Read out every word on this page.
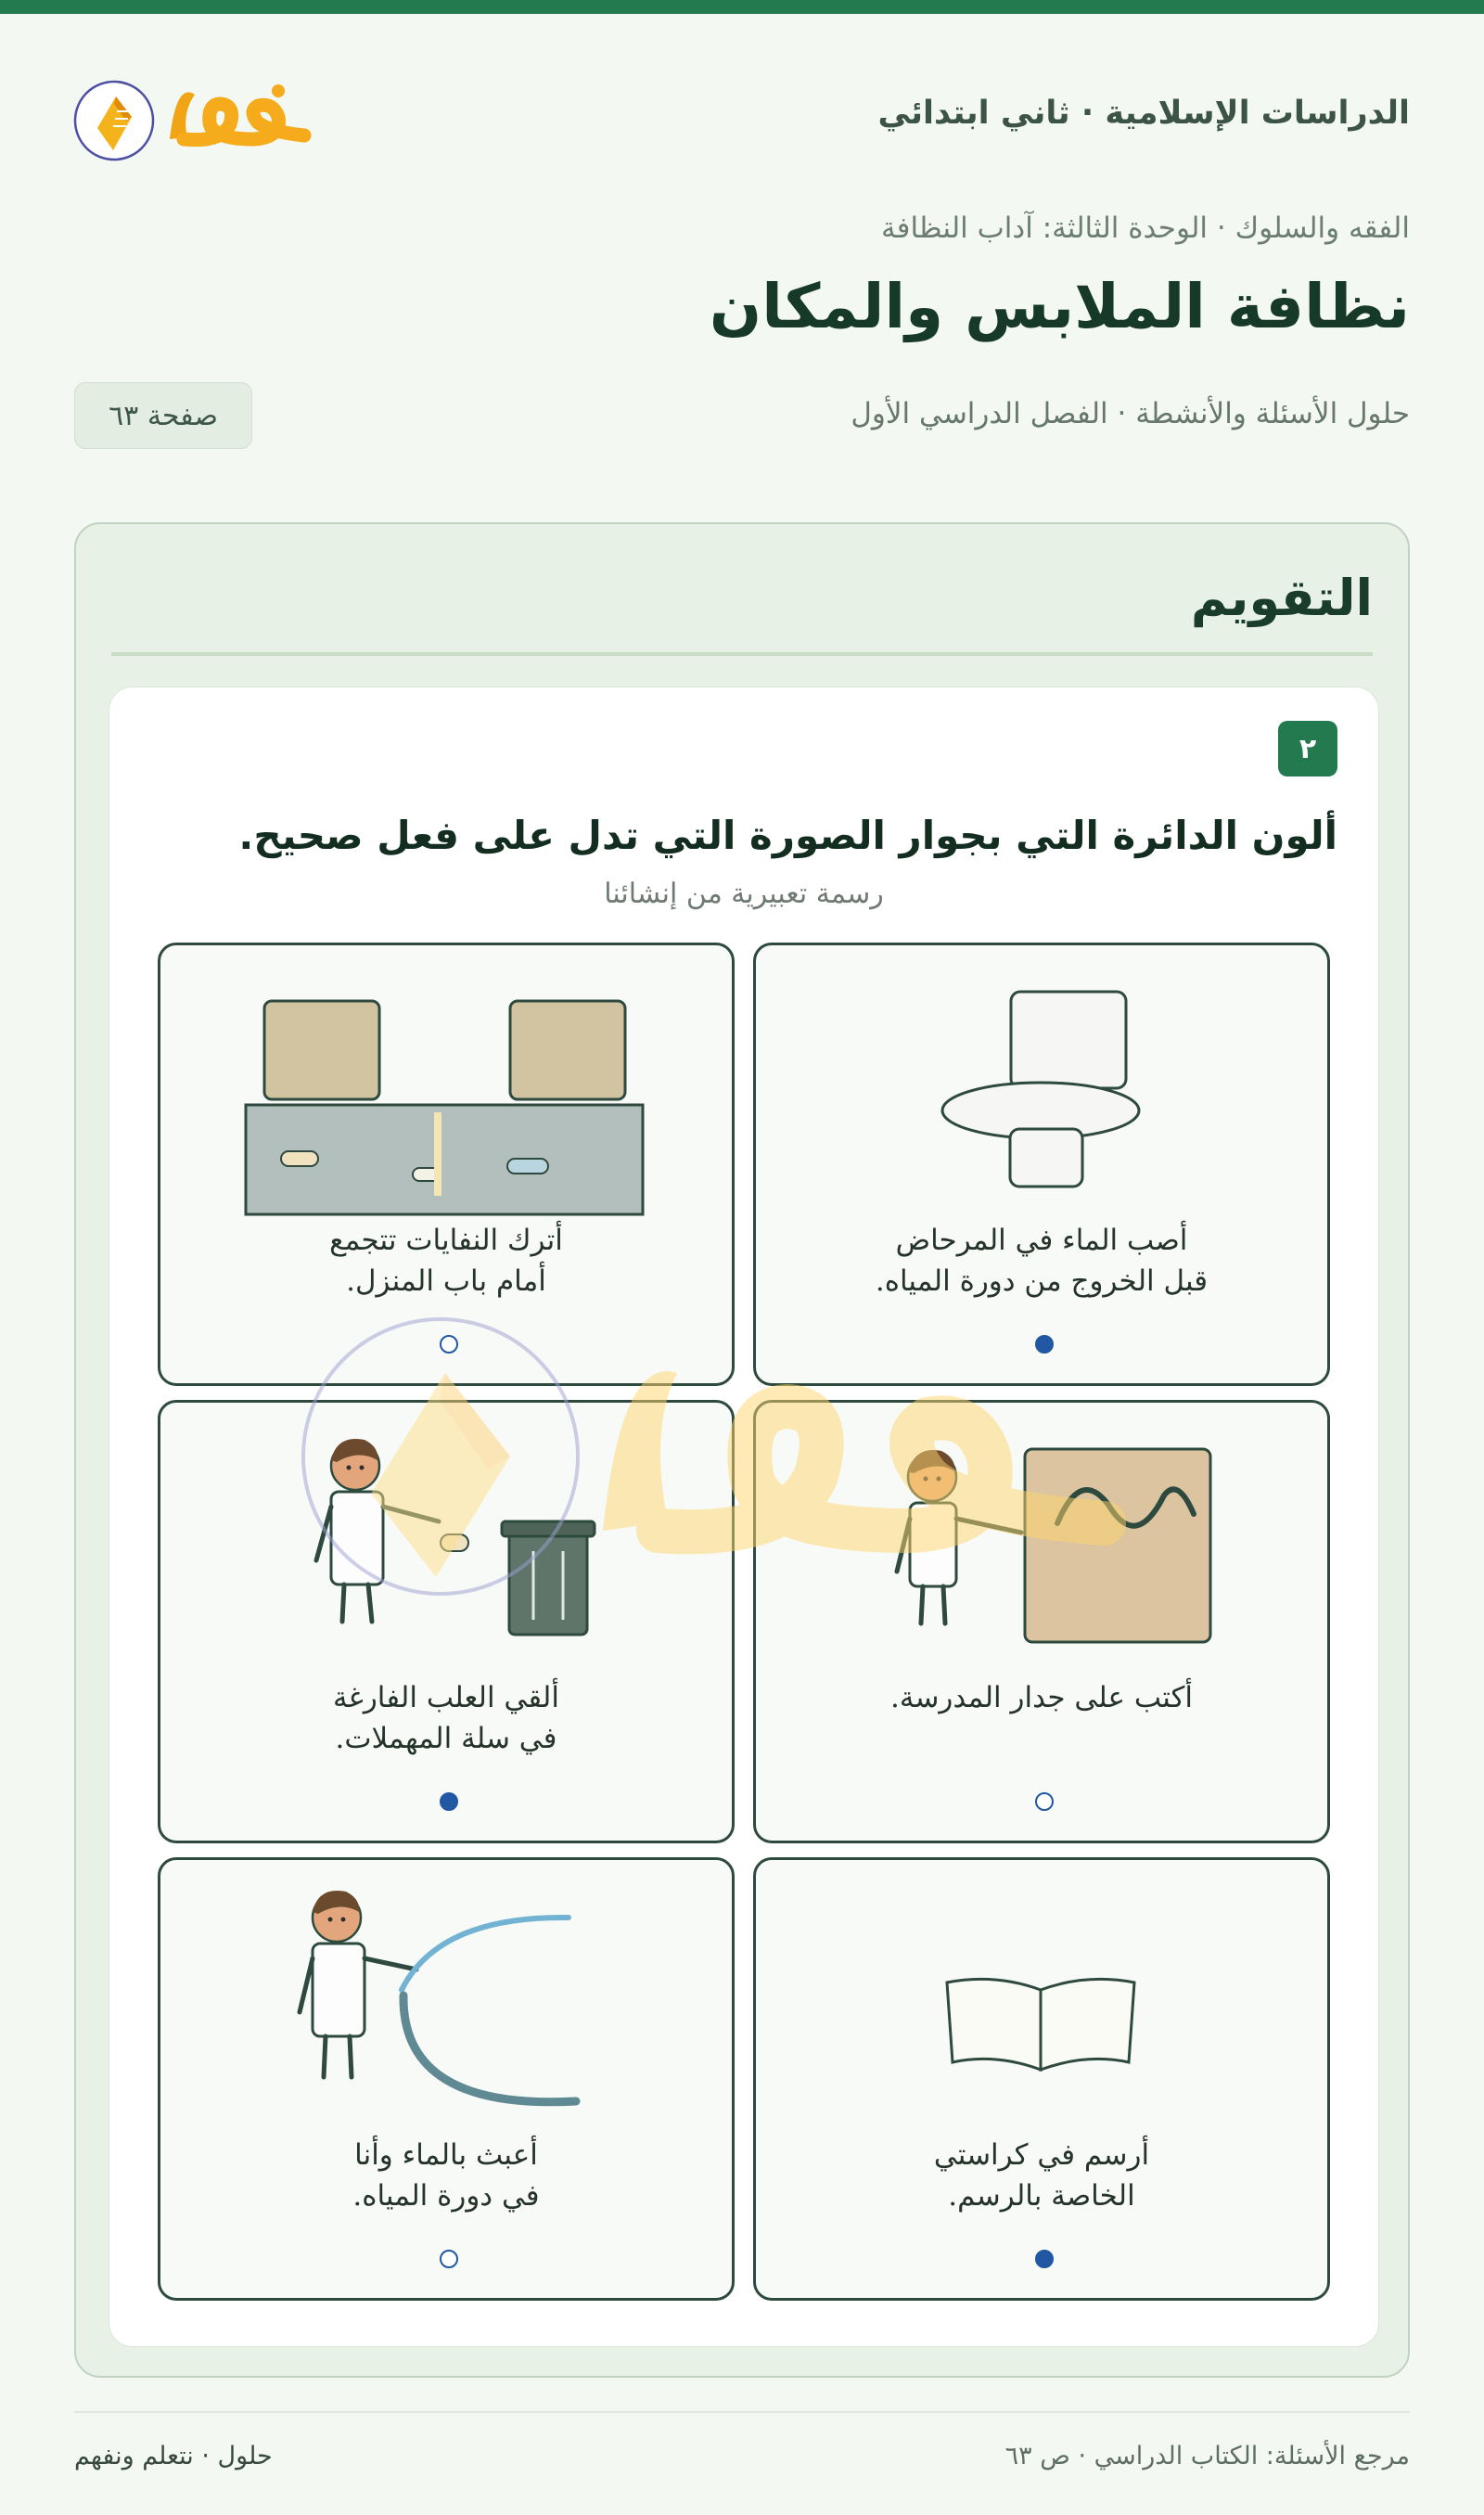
الدراسات الإسلامية · ثاني ابتدائي
الفقه والسلوك · الوحدة الثالثة: آداب النظافة
نظافة الملابس والمكان
حلول الأسئلة والأنشطة · الفصل الدراسي الأول
صفحة ٦٣
التقويم
٢
ألون الدائرة التي بجوار الصورة التي تدل على فعل صحيح.
رسمة تعبيرية من إنشائنا
أصب الماء في المرحاض
قبل الخروج من دورة المياه.
أترك النفايات تتجمع
أمام باب المنزل.
أكتب على جدار المدرسة.
ألقي العلب الفارغة
في سلة المهملات.
أرسم في كراستي
الخاصة بالرسم.
أعبث بالماء وأنا
في دورة المياه.
حلول · نتعلم ونفهم	مرجع الأسئلة: الكتاب الدراسي · ص ٦٣
